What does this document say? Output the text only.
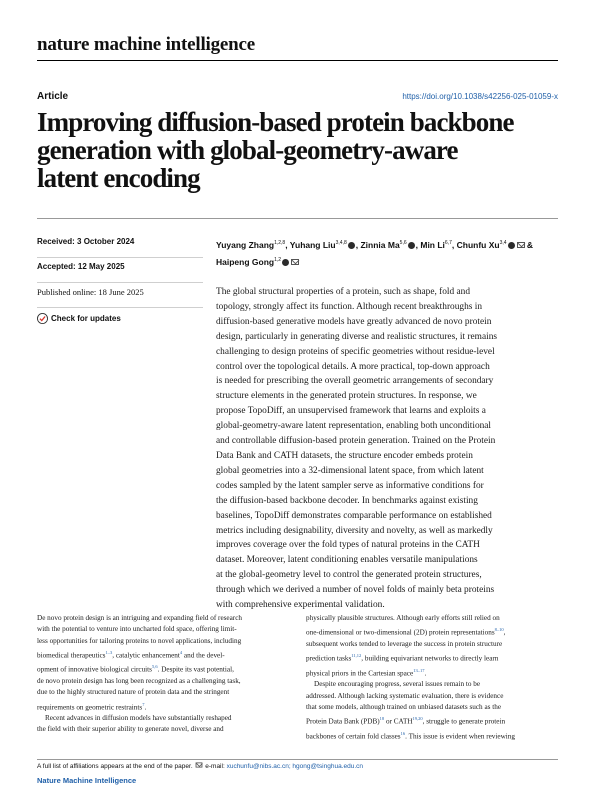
nature machine intelligence
Article	https://doi.org/10.1038/s42256-025-01059-x
Improving diffusion-based protein backbone
generation with global-geometry-aware
latent encoding
Received: 3 October 2024
Accepted: 12 May 2025
Published online: 18 June 2025
Check for updates
Yuyang Zhang$^{1,2,8}$, Yuhang Liu$^{3,4,8}$ , Zinnia Ma$^{5,6}$ , Min Li$^{6,7}$, Chunfu Xu$^{3,4}$ & Haipeng Gong$^{1,2}$
The global structural properties of a protein, such as shape, fold and
topology, strongly affect its function. Although recent breakthroughs in
diffusion-based generative models have greatly advanced de novo protein
design, particularly in generating diverse and realistic structures, it remains
challenging to design proteins of specific geometries without residue-level
control over the topological details. A more practical, top-down approach
is needed for prescribing the overall geometric arrangements of secondary
structure elements in the generated protein structures. In response, we
propose TopoDiff, an unsupervised framework that learns and exploits a
global-geometry-aware latent representation, enabling both unconditional
and controllable diffusion-based protein generation. Trained on the Protein
Data Bank and CATH datasets, the structure encoder embeds protein
global geometries into a 32-dimensional latent space, from which latent
codes sampled by the latent sampler serve as informative conditions for
the diffusion-based backbone decoder. In benchmarks against existing
baselines, TopoDiff demonstrates comparable performance on established
metrics including designability, diversity and novelty, as well as markedly
improves coverage over the fold types of natural proteins in the CATH
dataset. Moreover, latent conditioning enables versatile manipulations
at the global-geometry level to control the generated protein structures,
through which we derived a number of novel folds of mainly beta proteins
with comprehensive experimental validation.
De novo protein design is an intriguing and expanding field of research
with the potential to venture into uncharted fold space, offering limit-
less opportunities for tailoring proteins to novel applications, including
biomedical therapeutics$^{1-3}$, catalytic enhancement$^4$ and the devel-
opment of innovative biological circuits$^{5,6}$. Despite its vast potential,
de novo protein design has long been recognized as a challenging task,
due to the highly structured nature of protein data and the stringent
requirements on geometric restraints$^7$.
Recent advances in diffusion models have substantially reshaped
the field with their superior ability to generate novel, diverse and
physically plausible structures. Although early efforts still relied on
one-dimensional or two-dimensional (2D) protein representations$^{8-10}$,
subsequent works tended to leverage the success in protein structure
prediction tasks$^{11,12}$, building equivariant networks to directly learn
physical priors in the Cartesian space$^{13-17}$.
Despite encouraging progress, several issues remain to be
addressed. Although lacking systematic evaluation, there is evidence
that some models, although trained on unbiased datasets such as the
Protein Data Bank (PDB)$^{18}$ or CATH$^{19,20}$, struggle to generate protein
backbones of certain fold classes$^{16}$. This issue is evident when reviewing
A full list of affiliations appears at the end of the paper. e-mail: xuchunfu@nibs.ac.cn; hgong@tsinghua.edu.cn
Nature Machine Intelligence
